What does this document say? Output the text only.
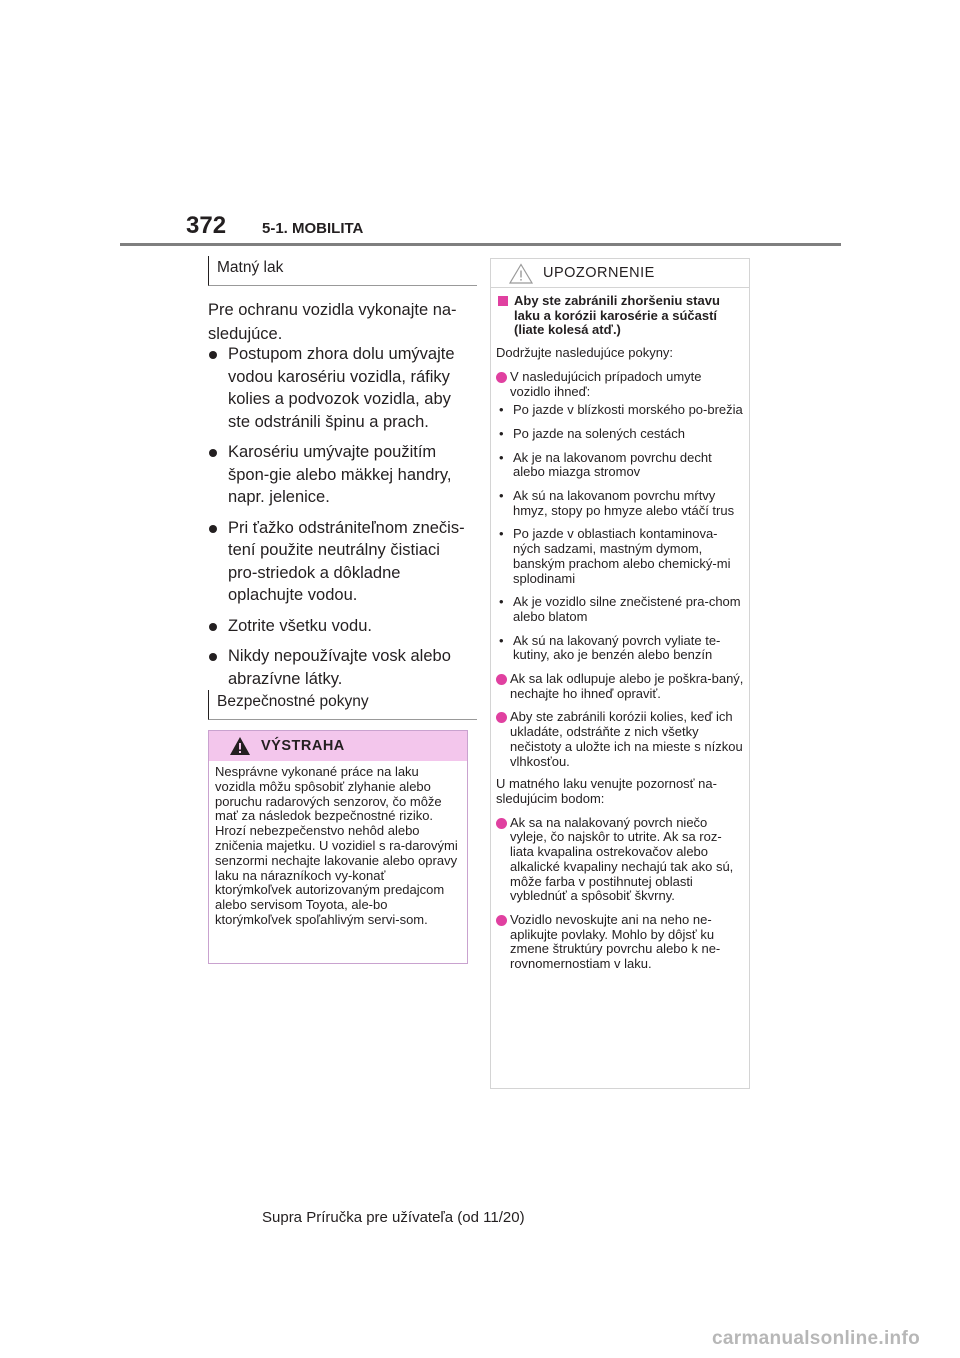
372 5-1. MOBILITA
Matný lak
Pre ochranu vozidla vykonajte na-sledujúce.
Postupom zhora dolu umývajte vodou karosériu vozidla, ráfiky kolies a podvozok vozidla, aby ste odstránili špinu a prach.
Karosériu umývajte použitím špon-gie alebo mäkkej handry, napr. jelenice.
Pri ťažko odstrániteľnom znečis-tení použite neutrálny čistiaci pro-striedok a dôkladne oplachujte vodou.
Zotrite všetku vodu.
Nikdy nepoužívajte vosk alebo abrazívne látky.
Bezpečnostné pokyny
VÝSTRAHA
Nesprávne vykonané práce na laku vozidla môžu spôsobiť zlyhanie alebo poruchu radarových senzorov, čo môže mať za následok bezpečnostné riziko. Hrozí nebezpečenstvo nehôd alebo zničenia majetku. U vozidiel s ra-darovými senzormi nechajte lakovanie alebo opravy laku na nárazníkoch vy-konať ktorýmkoľvek autorizovaným predajcom alebo servisom Toyota, ale-bo ktorýmkoľvek spoľahlivým servi-som.
UPOZORNENIE
Aby ste zabránili zhoršeniu stavu laku a korózii karosérie a súčastí (liate kolesá atď.)

Dodržujte nasledujúce pokyny:

V nasledujúcich prípadoch umyte vozidlo ihneď:
• Po jazde v blízkosti morského po-brežia
• Po jazde na solených cestách
• Ak je na lakovanom povrchu decht alebo miazga stromov
• Ak sú na lakovanom povrchu mŕtvy hmyz, stopy po hmyze alebo vtáčí trus
• Po jazde v oblastiach kontaminova-ných sadzami, mastným dymom, banským prachom alebo chemický-mi splodinami
• Ak je vozidlo silne znečistené pra-chom alebo blatom
• Ak sú na lakovaný povrch vyliate te-kutiny, ako je benzén alebo benzín
Ak sa lak odlupuje alebo je poškra-baný, nechajte ho ihneď opraviť.
Aby ste zabránili korózii kolies, keď ich ukladáte, odstráňte z nich všetky nečistoty a uložte ich na mieste s nízkou vlhkosťou.

U matného laku venujte pozornosť na-sledujúcim bodom:

Ak sa na nalakovaný povrch niečo vyleje, čo najskôr to utrite. Ak sa roz-liata kvapalina ostrekovačov alebo alkalické kvapaliny nechajú tak ako sú, môže farba v postihnutej oblasti vyblednúť a spôsobiť škvrny.
Vozidlo nevoskujte ani na neho ne-aplikujte povlaky. Mohlo by dôjsť ku zmene štruktúry povrchu alebo k ne-rovnomernostiam v laku.
Supra Príručka pre užívateľa (od 11/20)
carmanualsonline.info
